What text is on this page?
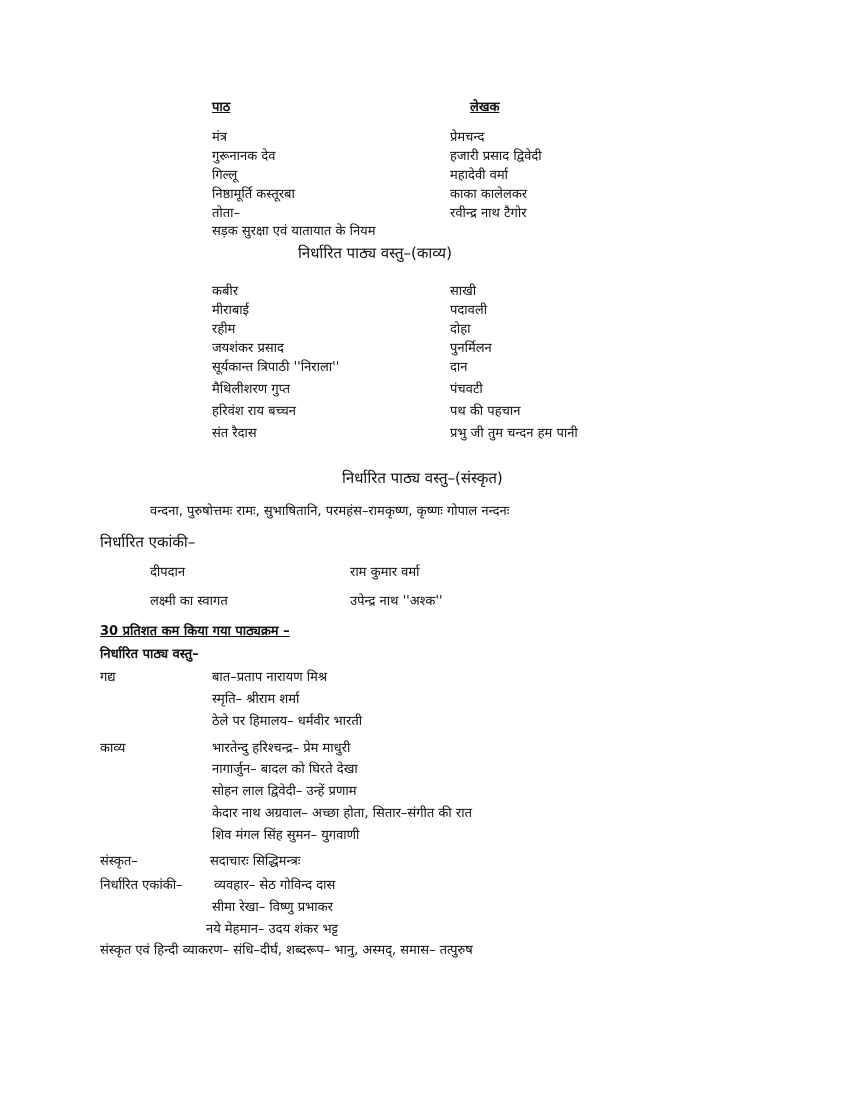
पाठ	लेखक
मंत्र	प्रेमचन्द
गुरूनानक देव	हजारी प्रसाद द्विवेदी
गिल्लू	महादेवी वर्मा
निष्ठामूर्ति कस्तूरबा	काका कालेलकर
तोता–	रवीन्द्र नाथ टैगोर
सड़क सुरक्षा एवं यातायात के नियम
निर्धारित पाठ्य वस्तु–(काव्य)
कबीर	साखी
मीराबाई	पदावली
रहीम	दोहा
जयशंकर प्रसाद	पुनर्मिलन
सूर्यकान्त त्रिपाठी ''निराला''	दान
मैथिलीशरण गुप्त	पंचवटी
हरिवंश राय बच्चन	पथ की पहचान
संत रैदास	प्रभु जी तुम चन्दन हम पानी
निर्धारित पाठ्य वस्तु–(संस्कृत)
वन्दना, पुरुषोत्तमः रामः, सुभाषितानि, परमहंस–रामकृष्ण, कृष्णः गोपाल नन्दनः
निर्धारित एकांकी–
दीपदान	राम कुमार वर्मा
लक्ष्मी का स्वागत	उपेन्द्र नाथ ''अश्क''
30 प्रतिशत कम किया गया पाठ्यक्रम –
निर्धारित पाठ्य वस्तु–
गद्य	बात–प्रताप नारायण मिश्र
स्मृति– श्रीराम शर्मा
ठेले पर हिमालय– धर्मवीर भारती
काव्य	भारतेन्दु हरिश्चन्द्र– प्रेम माधुरी
नागार्जुन– बादल को घिरते देखा
सोहन लाल द्विवेदी– उन्हें प्रणाम
केदार नाथ अग्रवाल– अच्छा होता, सितार–संगीत की रात
शिव मंगल सिंह सुमन– युगवाणी
संस्कृत–	सदाचारः सिद्धिमन्त्रः
निर्धारित एकांकी– व्यवहार– सेठ गोविन्द दास
सीमा रेखा– विष्णु प्रभाकर
नये मेहमान– उदय शंकर भट्ट
संस्कृत एवं हिन्दी व्याकरण– संधि–दीर्घ, शब्दरूप– भानु, अस्मद्, समास– तत्पुरुष
